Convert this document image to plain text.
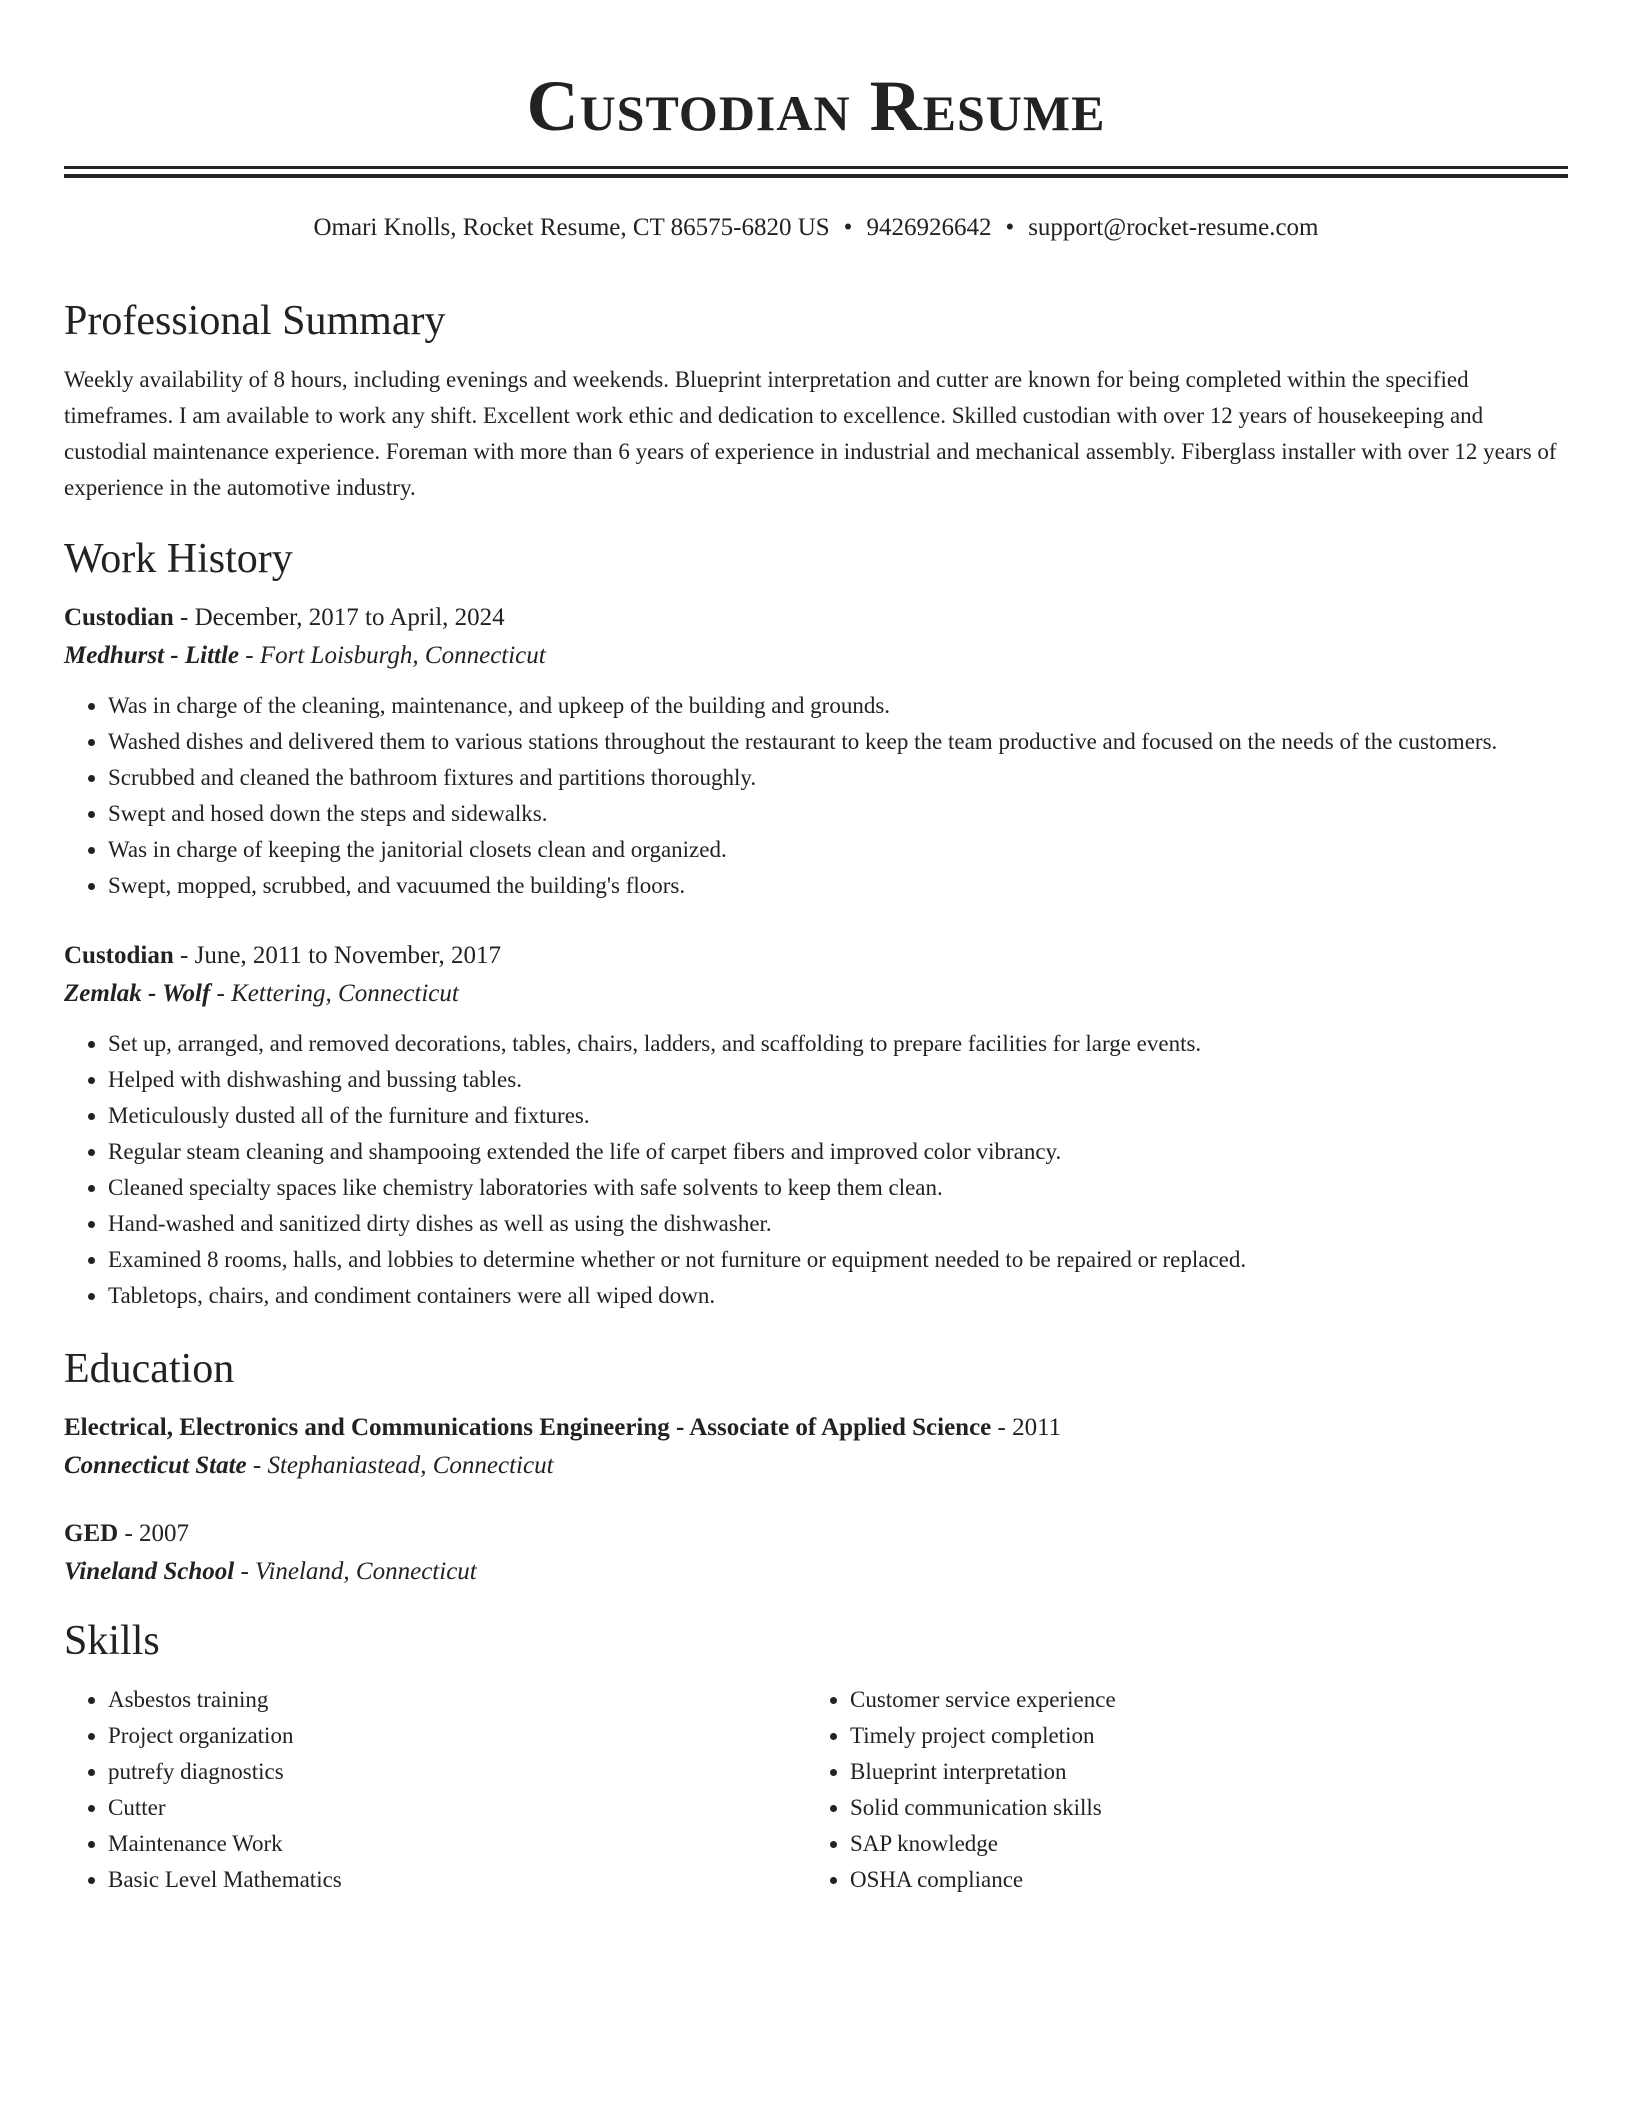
Custodian Resume
Omari Knolls, Rocket Resume, CT 86575-6820 US • 9426926642 • support@rocket-resume.com
Professional Summary

Weekly availability of 8 hours, including evenings and weekends. Blueprint interpretation and cutter are known for being completed within the specified timeframes. I am available to work any shift. Excellent work ethic and dedication to excellence. Skilled custodian with over 12 years of housekeeping and custodial maintenance experience. Foreman with more than 6 years of experience in industrial and mechanical assembly. Fiberglass installer with over 12 years of experience in the automotive industry.

Work History

Custodian - December, 2017 to April, 2024

Medhurst - Little - Fort Loisburgh, Connecticut

• Was in charge of the cleaning, maintenance, and upkeep of the building and grounds.
• Washed dishes and delivered them to various stations throughout the restaurant to keep the team productive and focused on the needs of the customers.
• Scrubbed and cleaned the bathroom fixtures and partitions thoroughly.
• Swept and hosed down the steps and sidewalks.
• Was in charge of keeping the janitorial closets clean and organized.
• Swept, mopped, scrubbed, and vacuumed the building's floors.

Custodian - June, 2011 to November, 2017

Zemlak - Wolf - Kettering, Connecticut

• Set up, arranged, and removed decorations, tables, chairs, ladders, and scaffolding to prepare facilities for large events.
• Helped with dishwashing and bussing tables.
• Meticulously dusted all of the furniture and fixtures.
• Regular steam cleaning and shampooing extended the life of carpet fibers and improved color vibrancy.
• Cleaned specialty spaces like chemistry laboratories with safe solvents to keep them clean.
• Hand-washed and sanitized dirty dishes as well as using the dishwasher.
• Examined 8 rooms, halls, and lobbies to determine whether or not furniture or equipment needed to be repaired or replaced.
• Tabletops, chairs, and condiment containers were all wiped down.
Education

Electrical, Electronics and Communications Engineering - Associate of Applied Science - 2011

Connecticut State - Stephaniastead, Connecticut

GED - 2007

Vineland School - Vineland, Connecticut

Skills
• Asbestos training
• Project organization
• putrefy diagnostics
• Cutter
• Maintenance Work
• Basic Level Mathematics
• Customer service experience
• Timely project completion
• Blueprint interpretation
• Solid communication skills
• SAP knowledge
• OSHA compliance
